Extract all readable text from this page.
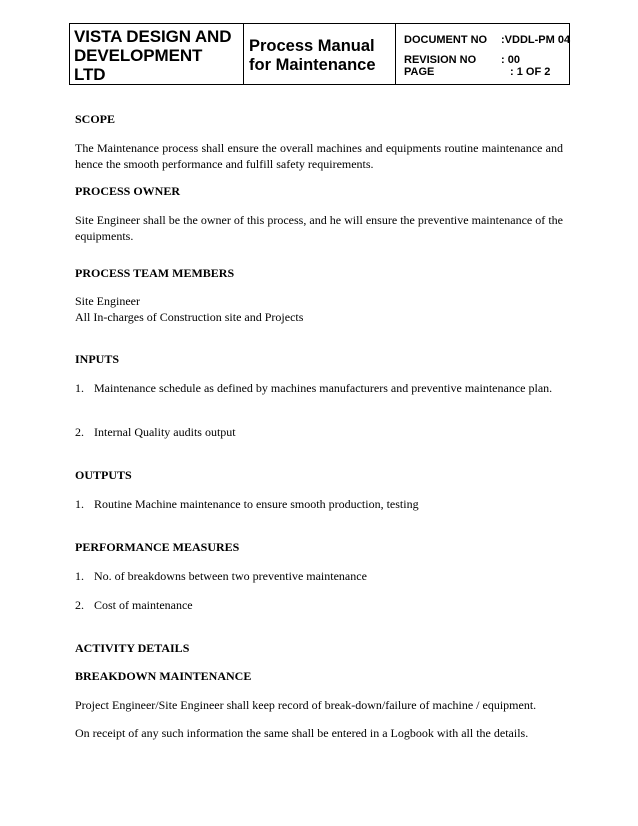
VISTA DESIGN AND
DEVELOPMENT
LTD

Process Manual
for Maintenance

DOCUMENT NO :VDDL-PM 04
REVISION NO : 00
PAGE	: 1 OF 2
SCOPE
The Maintenance process shall ensure the overall machines and equipments routine maintenance and hence the smooth performance and fulfill safety requirements.
PROCESS OWNER
Site Engineer shall be the owner of this process, and he will ensure the preventive maintenance of the equipments.
PROCESS TEAM MEMBERS
Site Engineer
All In-charges of Construction site and Projects
INPUTS
1. Maintenance schedule as defined by machines manufacturers and preventive maintenance plan.
2. Internal Quality audits output
OUTPUTS
1. Routine Machine maintenance to ensure smooth production, testing
PERFORMANCE MEASURES
1. No. of breakdowns between two preventive maintenance
2. Cost of maintenance
ACTIVITY DETAILS
BREAKDOWN MAINTENANCE
Project Engineer/Site Engineer shall keep record of break-down/failure of machine / equipment.
On receipt of any such information the same shall be entered in a Logbook with all the details.
